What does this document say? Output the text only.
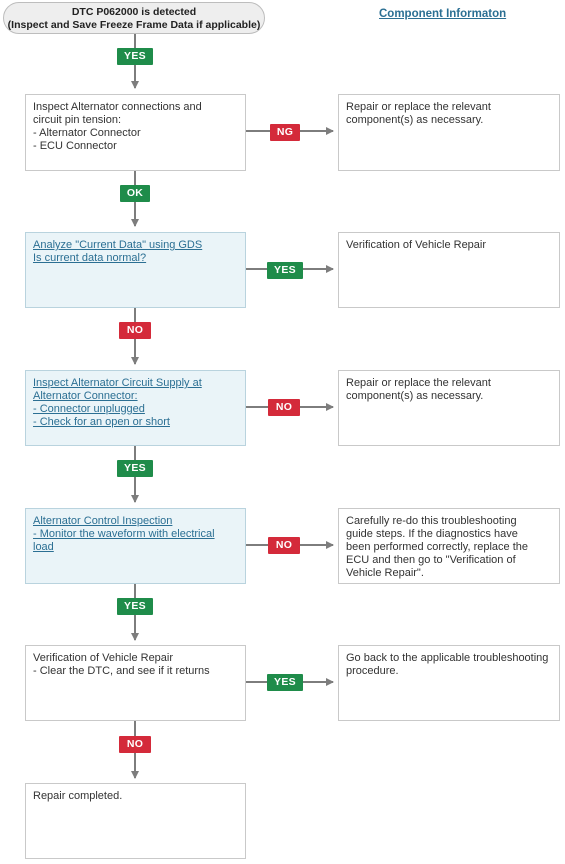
DTC P062000 is detected
(Inspect and Save Freeze Frame Data if applicable)
Component Informaton
Inspect Alternator connections and
circuit pin tension:
- Alternator Connector
- ECU Connector
Repair or replace the relevant
component(s) as necessary.
Analyze "Current Data" using GDS
Is current data normal?
Verification of Vehicle Repair
Inspect Alternator Circuit Supply at
Alternator Connector:
- Connector unplugged
- Check for an open or short
Repair or replace the relevant
component(s) as necessary.
Alternator Control Inspection
- Monitor the waveform with electrical
load
Carefully re-do this troubleshooting
guide steps. If the diagnostics have
been performed correctly, replace the
ECU and then go to "Verification of
Vehicle Repair".
Verification of Vehicle Repair
- Clear the DTC, and see if it returns
Go back to the applicable troubleshooting
procedure.
Repair completed.
YES
NG
OK
YES
NO
NO
YES
NO
YES
YES
NO
